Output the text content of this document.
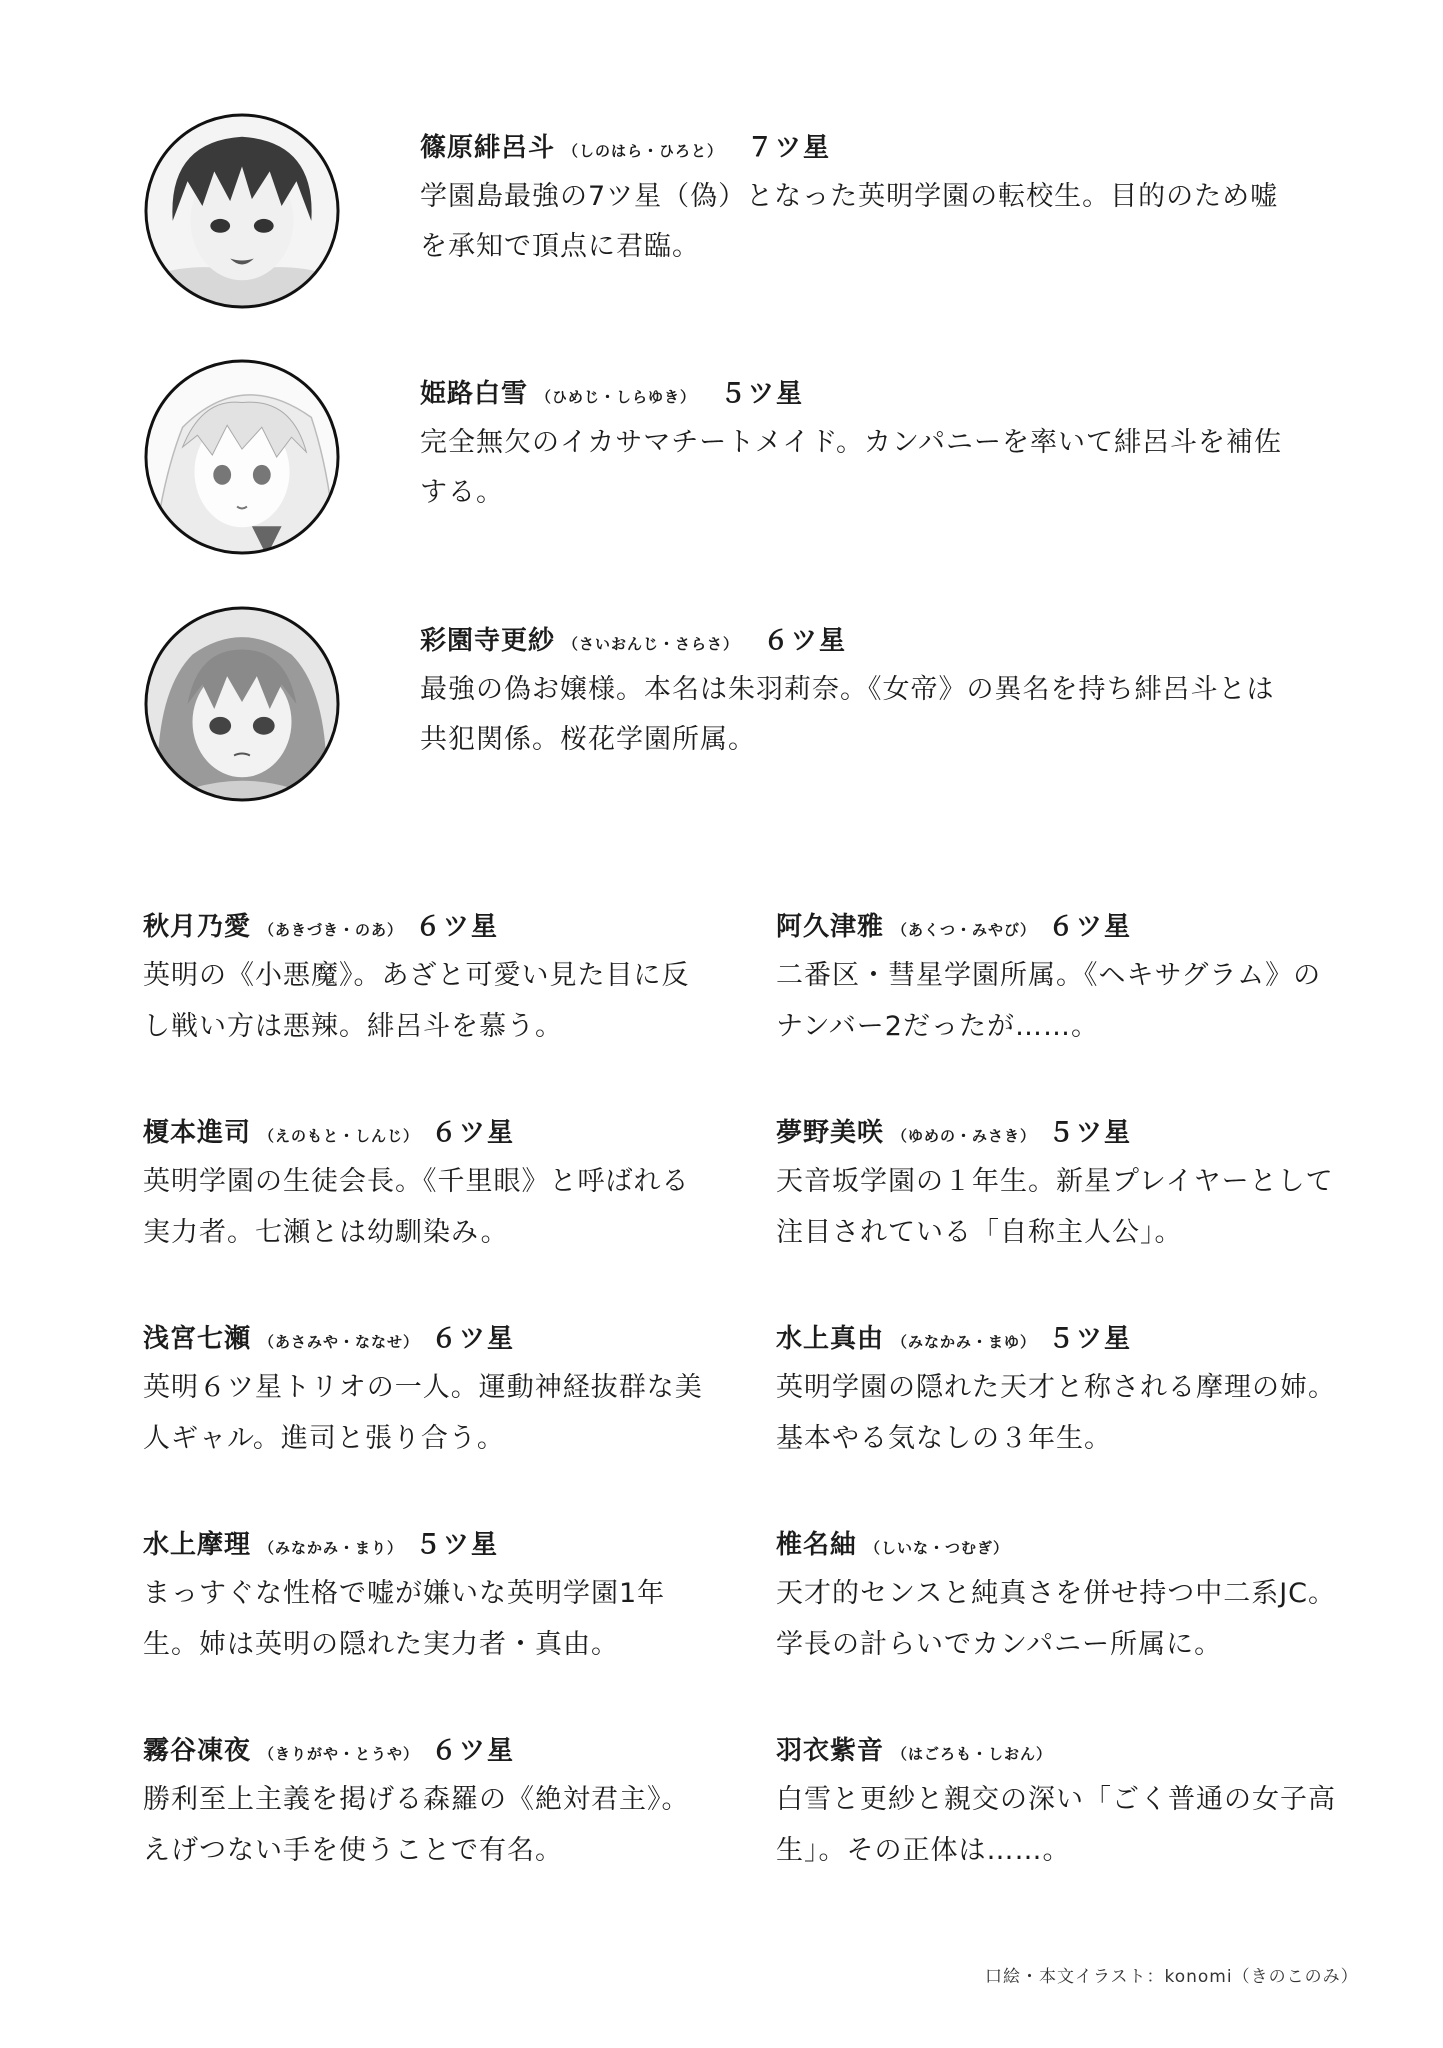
篠原緋呂斗 （しのはら・ひろと） ７ツ星
学園島最強の7ツ星（偽）となった英明学園の転校生。目的のため嘘を承知で頂点に君臨。
姫路白雪 （ひめじ・しらゆき） ５ツ星
完全無欠のイカサマチートメイド。カンパニーを率いて緋呂斗を補佐する。
彩園寺更紗 （さいおんじ・さらさ） ６ツ星
最強の偽お嬢様。本名は朱羽莉奈。《女帝》の異名を持ち緋呂斗とは共犯関係。桜花学園所属。
秋月乃愛 （あきづき・のあ） ６ツ星
英明の《小悪魔》。あざと可愛い見た目に反し戦い方は悪辣。緋呂斗を慕う。
榎本進司 （えのもと・しんじ） ６ツ星
英明学園の生徒会長。《千里眼》と呼ばれる実力者。七瀬とは幼馴染み。
浅宮七瀬 （あさみや・ななせ） ６ツ星
英明６ツ星トリオの一人。運動神経抜群な美人ギャル。進司と張り合う。
水上摩理 （みなかみ・まり） ５ツ星
まっすぐな性格で嘘が嫌いな英明学園1年生。姉は英明の隠れた実力者・真由。
霧谷凍夜 （きりがや・とうや） ６ツ星
勝利至上主義を掲げる森羅の《絶対君主》。えげつない手を使うことで有名。
阿久津雅 （あくつ・みやび） ６ツ星
二番区・彗星学園所属。《ヘキサグラム》のナンバー2だったが……。
夢野美咲 （ゆめの・みさき） ５ツ星
天音坂学園の１年生。新星プレイヤーとして注目されている「自称主人公」。
水上真由 （みなかみ・まゆ） ５ツ星
英明学園の隠れた天才と称される摩理の姉。基本やる気なしの３年生。
椎名紬 （しいな・つむぎ）
天才的センスと純真さを併せ持つ中二系JC。学長の計らいでカンパニー所属に。
羽衣紫音 （はごろも・しおん）
白雪と更紗と親交の深い「ごく普通の女子高生」。その正体は……。
口絵・本文イラスト：konomi（きのこのみ）
